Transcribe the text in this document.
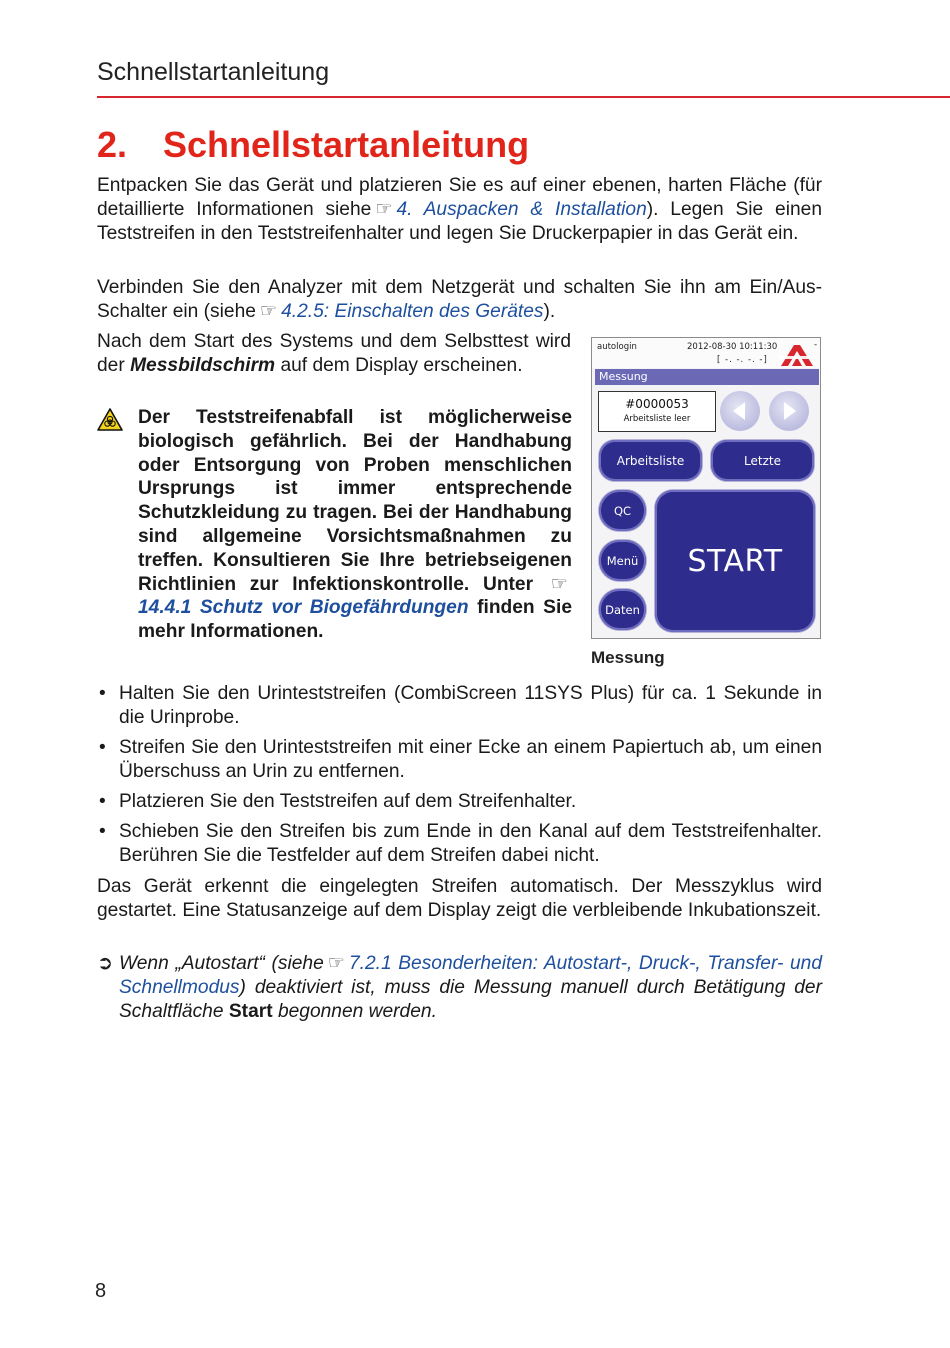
Schnellstartanleitung
2. Schnellstartanleitung

Entpacken Sie das Gerät und platzieren Sie es auf einer ebenen, harten Fläche (für detaillierte Informationen siehe ☞ 4. Auspacken & Installation). Legen Sie einen Teststreifen in den Teststreifenhalter und legen Sie Druckerpapier in das Gerät ein.

Verbinden Sie den Analyzer mit dem Netzgerät und schalten Sie ihn am Ein/Aus-Schalter ein (siehe ☞ 4.2.5: Einschalten des Gerätes).

Nach dem Start des Systems und dem Selbsttest wird der Messbildschirm auf dem Display erscheinen.

Der Teststreifenabfall ist möglicherweise biologisch gefährlich. Bei der Handhabung oder Entsorgung von Proben menschlichen Ursprungs ist immer entsprechende Schutzkleidung zu tragen. Bei der Handhabung sind allgemeine Vorsichtsmaßnahmen zu treffen. Konsultieren Sie Ihre betriebseigenen Richtlinien zur Infektionskontrolle. Unter ☞14.4.1 Schutz vor Biogefährdungen finden Sie mehr Informationen.
autologin	2012-08-30 10:11:30
[ -. -. -. -]
-
Messung
#0000053
Arbeitsliste leer
Arbeitsliste	Letzte
QC
Menü
Daten
START
Messung
• Halten Sie den Urinteststreifen (CombiScreen 11SYS Plus) für ca. 1 Sekunde in die Urinprobe.
• Streifen Sie den Urinteststreifen mit einer Ecke an einem Papiertuch ab, um einen Überschuss an Urin zu entfernen.
• Platzieren Sie den Teststreifen auf dem Streifenhalter.
• Schieben Sie den Streifen bis zum Ende in den Kanal auf dem Teststreifenhalter. Berühren Sie die Testfelder auf dem Streifen dabei nicht.

Das Gerät erkennt die eingelegten Streifen automatisch. Der Messzyklus wird gestartet. Eine Statusanzeige auf dem Display zeigt die verbleibende Inkubationszeit.

➲ Wenn „Autostart“ (siehe ☞ 7.2.1 Besonderheiten: Autostart-, Druck-, Transfer- und Schnellmodus) deaktiviert ist, muss die Messung manuell durch Betätigung der Schaltfläche Start begonnen werden.
8
